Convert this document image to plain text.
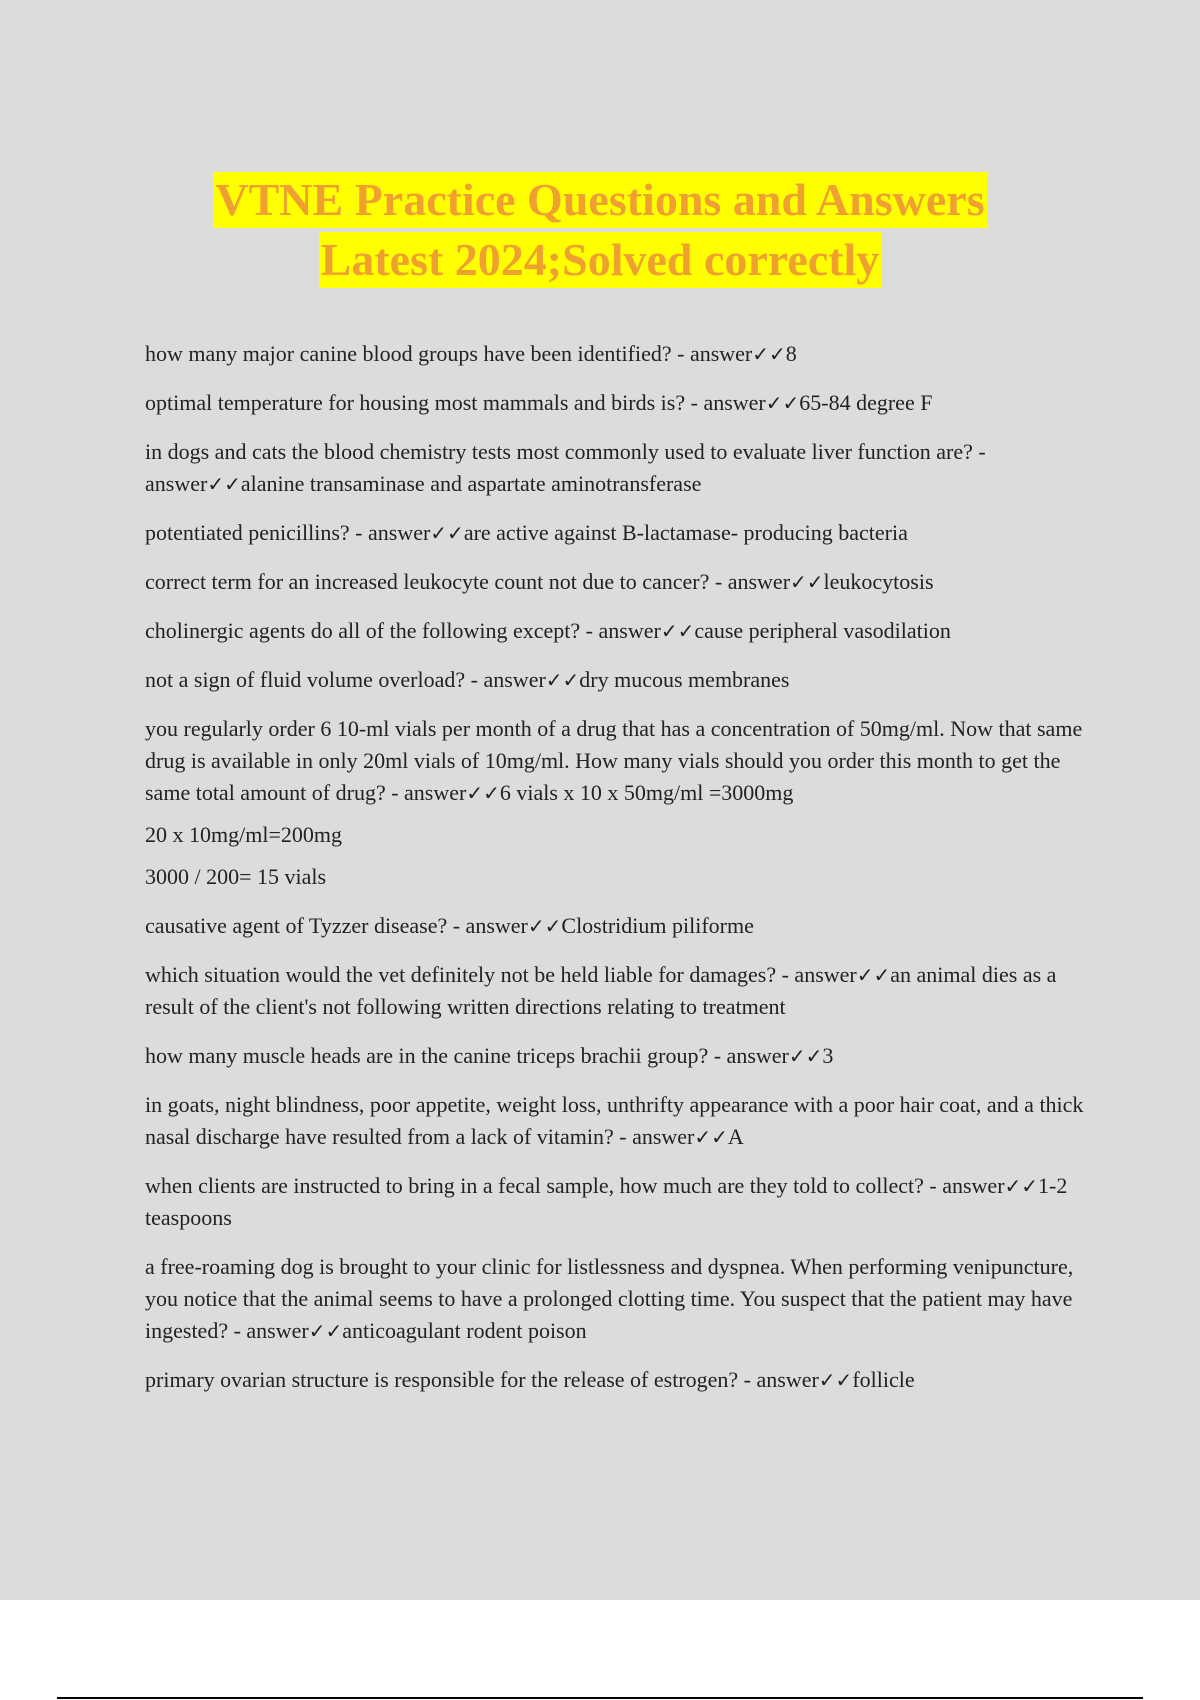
VTNE Practice Questions and Answers
Latest 2024;Solved correctly
how many major canine blood groups have been identified? - answer✓✓8
optimal temperature for housing most mammals and birds is? - answer✓✓65-84 degree F
in dogs and cats the blood chemistry tests most commonly used to evaluate liver function are? - answer✓✓alanine transaminase and aspartate aminotransferase
potentiated penicillins? - answer✓✓are active against B-lactamase- producing bacteria
correct term for an increased leukocyte count not due to cancer? - answer✓✓leukocytosis
cholinergic agents do all of the following except? - answer✓✓cause peripheral vasodilation
not a sign of fluid volume overload? - answer✓✓dry mucous membranes
you regularly order 6 10-ml vials per month of a drug that has a concentration of 50mg/ml. Now that same drug is available in only 20ml vials of 10mg/ml. How many vials should you order this month to get the same total amount of drug? - answer✓✓6 vials x 10 x 50mg/ml =3000mg
20 x 10mg/ml=200mg
3000 / 200= 15 vials
causative agent of Tyzzer disease? - answer✓✓Clostridium piliforme
which situation would the vet definitely not be held liable for damages? - answer✓✓an animal dies as a result of the client's not following written directions relating to treatment
how many muscle heads are in the canine triceps brachii group? - answer✓✓3
in goats, night blindness, poor appetite, weight loss, unthrifty appearance with a poor hair coat, and a thick nasal discharge have resulted from a lack of vitamin? - answer✓✓A
when clients are instructed to bring in a fecal sample, how much are they told to collect? - answer✓✓1-2 teaspoons
a free-roaming dog is brought to your clinic for listlessness and dyspnea. When performing venipuncture, you notice that the animal seems to have a prolonged clotting time. You suspect that the patient may have ingested? - answer✓✓anticoagulant rodent poison
primary ovarian structure is responsible for the release of estrogen? - answer✓✓follicle
